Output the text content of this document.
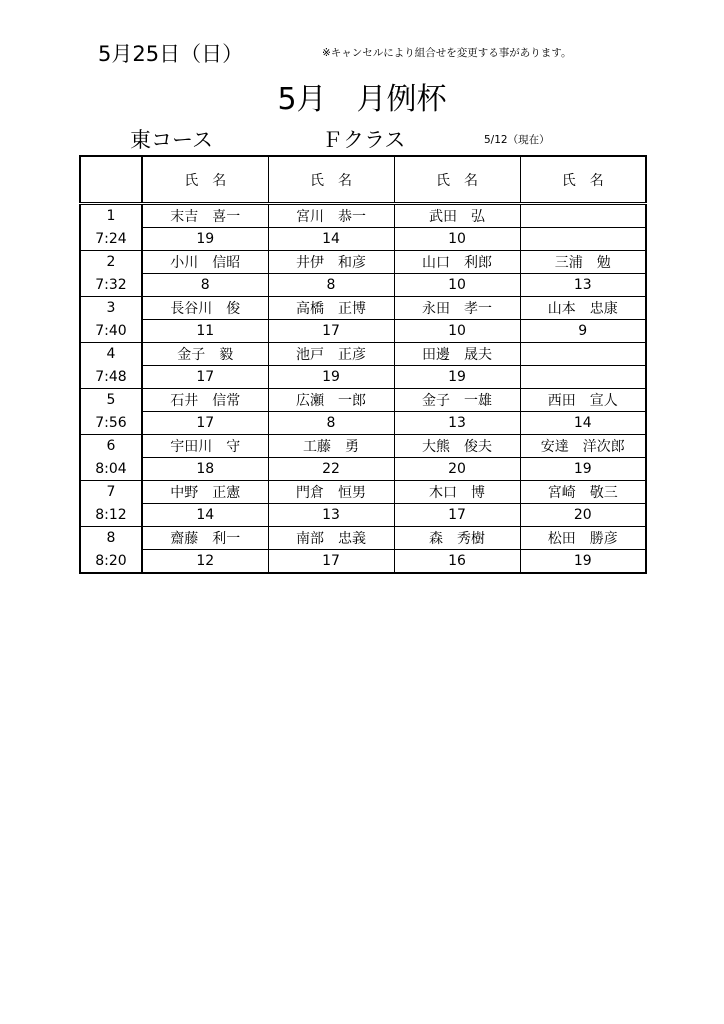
5月25日（日）	※キャンセルにより組合せを変更する事があります。
5月　月例杯
東コース	Ｆクラス	5/12（現在）
	氏　名	氏　名	氏　名	氏　名
1	末吉　喜一	宮川　恭一	武田　弘	
7:24	19	14	10	
2	小川　信昭	井伊　和彦	山口　利郎	三浦　勉
7:32	8	8	10	13
3	長谷川　俊	高橋　正博	永田　孝一	山本　忠康
7:40	11	17	10	9
4	金子　毅	池戸　正彦	田邊　晟夫	
7:48	17	19	19	
5	石井　信常	広瀬　一郎	金子　一雄	西田　宣人
7:56	17	8	13	14
6	宇田川　守	工藤　勇	大熊　俊夫	安達　洋次郎
8:04	18	22	20	19
7	中野　正憲	門倉　恒男	木口　博	宮崎　敬三
8:12	14	13	17	20
8	齋藤　利一	南部　忠義	森　秀樹	松田　勝彦
8:20	12	17	16	19
